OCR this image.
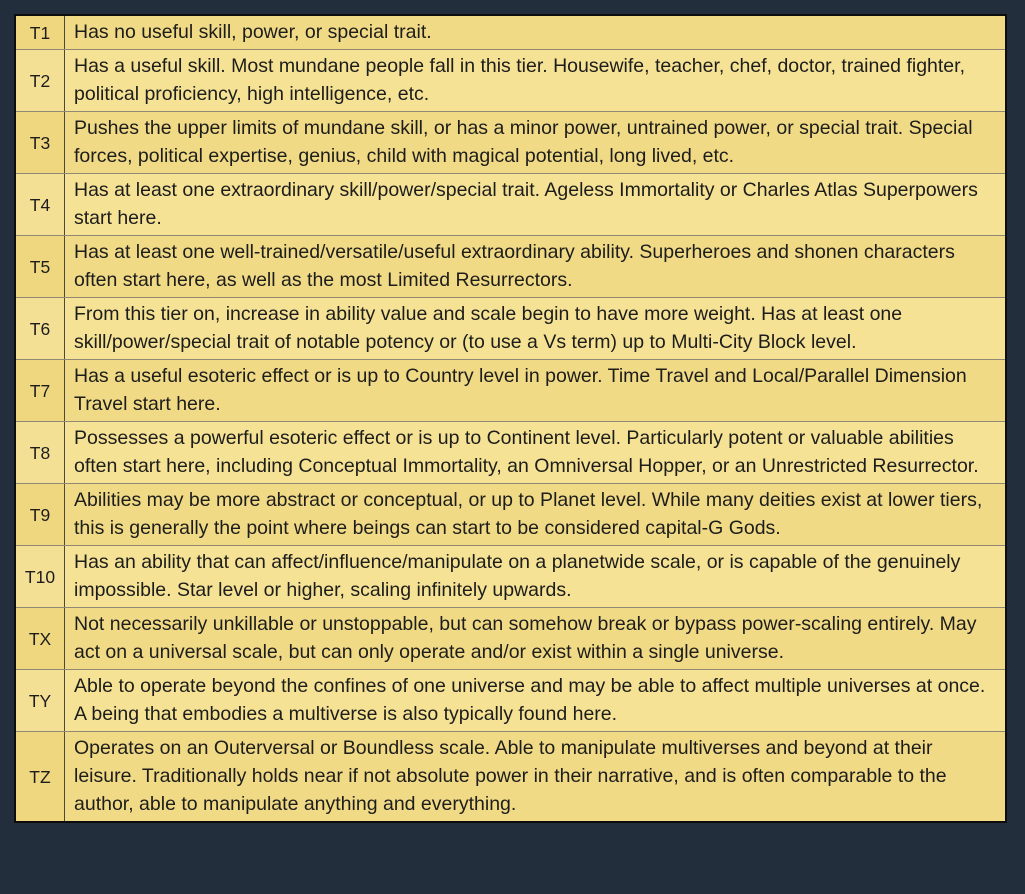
T1	Has no useful skill, power, or special trait.
T2	Has a useful skill. Most mundane people fall in this tier. Housewife, teacher, chef, doctor, trained fighter, political proficiency, high intelligence, etc.
T3	Pushes the upper limits of mundane skill, or has a minor power, untrained power, or special trait. Special forces, political expertise, genius, child with magical potential, long lived, etc.
T4	Has at least one extraordinary skill/power/special trait. Ageless Immortality or Charles Atlas Superpowers start here.
T5	Has at least one well-trained/versatile/useful extraordinary ability. Superheroes and shonen characters often start here, as well as the most Limited Resurrectors.
T6	From this tier on, increase in ability value and scale begin to have more weight. Has at least one skill/power/special trait of notable potency or (to use a Vs term) up to Multi-City Block level.
T7	Has a useful esoteric effect or is up to Country level in power. Time Travel and Local/Parallel Dimension Travel start here.
T8	Possesses a powerful esoteric effect or is up to Continent level. Particularly potent or valuable abilities often start here, including Conceptual Immortality, an Omniversal Hopper, or an Unrestricted Resurrector.
T9	Abilities may be more abstract or conceptual, or up to Planet level. While many deities exist at lower tiers, this is generally the point where beings can start to be considered capital-G Gods.
T10	Has an ability that can affect/influence/manipulate on a planetwide scale, or is capable of the genuinely impossible. Star level or higher, scaling infinitely upwards.
TX	Not necessarily unkillable or unstoppable, but can somehow break or bypass power-scaling entirely. May act on a universal scale, but can only operate and/or exist within a single universe.
TY	Able to operate beyond the confines of one universe and may be able to affect multiple universes at once. A being that embodies a multiverse is also typically found here.
TZ	Operates on an Outerversal or Boundless scale. Able to manipulate multiverses and beyond at their leisure. Traditionally holds near if not absolute power in their narrative, and is often comparable to the author, able to manipulate anything and everything.
